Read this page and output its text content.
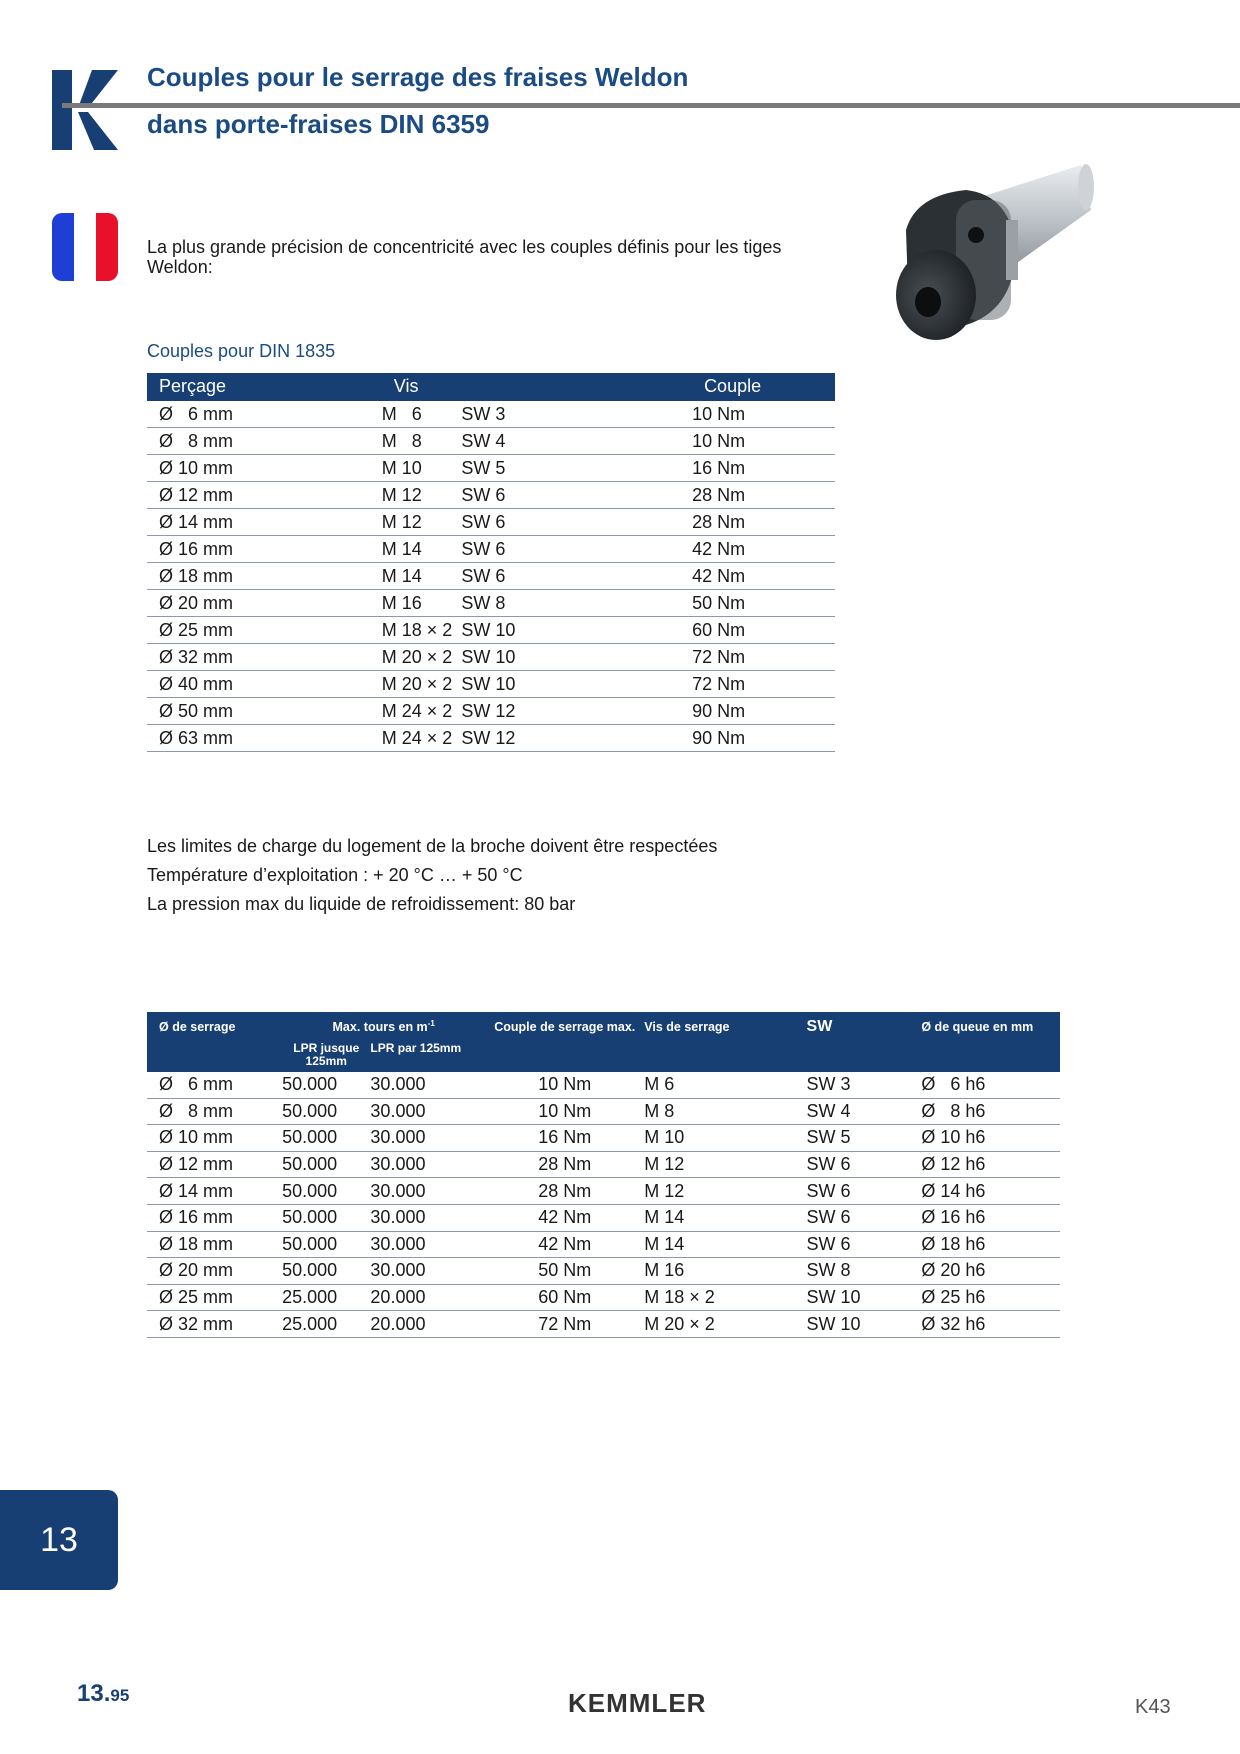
Couples pour le serrage des fraises Weldon
dans porte-fraises DIN 6359
La plus grande précision de concentricité avec les couples définis pour les tiges Weldon:
Couples pour DIN 1835
Perçage	Vis		Couple
Ø   6 mm	M   6	SW 3	10 Nm
Ø   8 mm	M   8	SW 4	10 Nm
Ø 10 mm	M 10	SW 5	16 Nm
Ø 12 mm	M 12	SW 6	28 Nm
Ø 14 mm	M 12	SW 6	28 Nm
Ø 16 mm	M 14	SW 6	42 Nm
Ø 18 mm	M 14	SW 6	42 Nm
Ø 20 mm	M 16	SW 8	50 Nm
Ø 25 mm	M 18 × 2	SW 10	60 Nm
Ø 32 mm	M 20 × 2	SW 10	72 Nm
Ø 40 mm	M 20 × 2	SW 10	72 Nm
Ø 50 mm	M 24 × 2	SW 12	90 Nm
Ø 63 mm	M 24 × 2	SW 12	90 Nm
Les limites de charge du logement de la broche doivent être respectées
Température d’exploitation : + 20 °C … + 50 °C
La pression max du liquide de refroidissement: 80 bar
Ø de serrage	Max. tours en $m^{-1}$		Couple de serrage max.	Vis de serrage	SW	Ø de queue en mm
	LPR jusque 125mm	LPR par 125mm				
Ø   6 mm	50.000	30.000	10 Nm	M 6	SW 3	Ø   6 h6
Ø   8 mm	50.000	30.000	10 Nm	M 8	SW 4	Ø   8 h6
Ø 10 mm	50.000	30.000	16 Nm	M 10	SW 5	Ø 10 h6
Ø 12 mm	50.000	30.000	28 Nm	M 12	SW 6	Ø 12 h6
Ø 14 mm	50.000	30.000	28 Nm	M 12	SW 6	Ø 14 h6
Ø 16 mm	50.000	30.000	42 Nm	M 14	SW 6	Ø 16 h6
Ø 18 mm	50.000	30.000	42 Nm	M 14	SW 6	Ø 18 h6
Ø 20 mm	50.000	30.000	50 Nm	M 16	SW 8	Ø 20 h6
Ø 25 mm	25.000	20.000	60 Nm	M 18 × 2	SW 10	Ø 25 h6
Ø 32 mm	25.000	20.000	72 Nm	M 20 × 2	SW 10	Ø 32 h6
13
13.95	KEMMLER	K43
